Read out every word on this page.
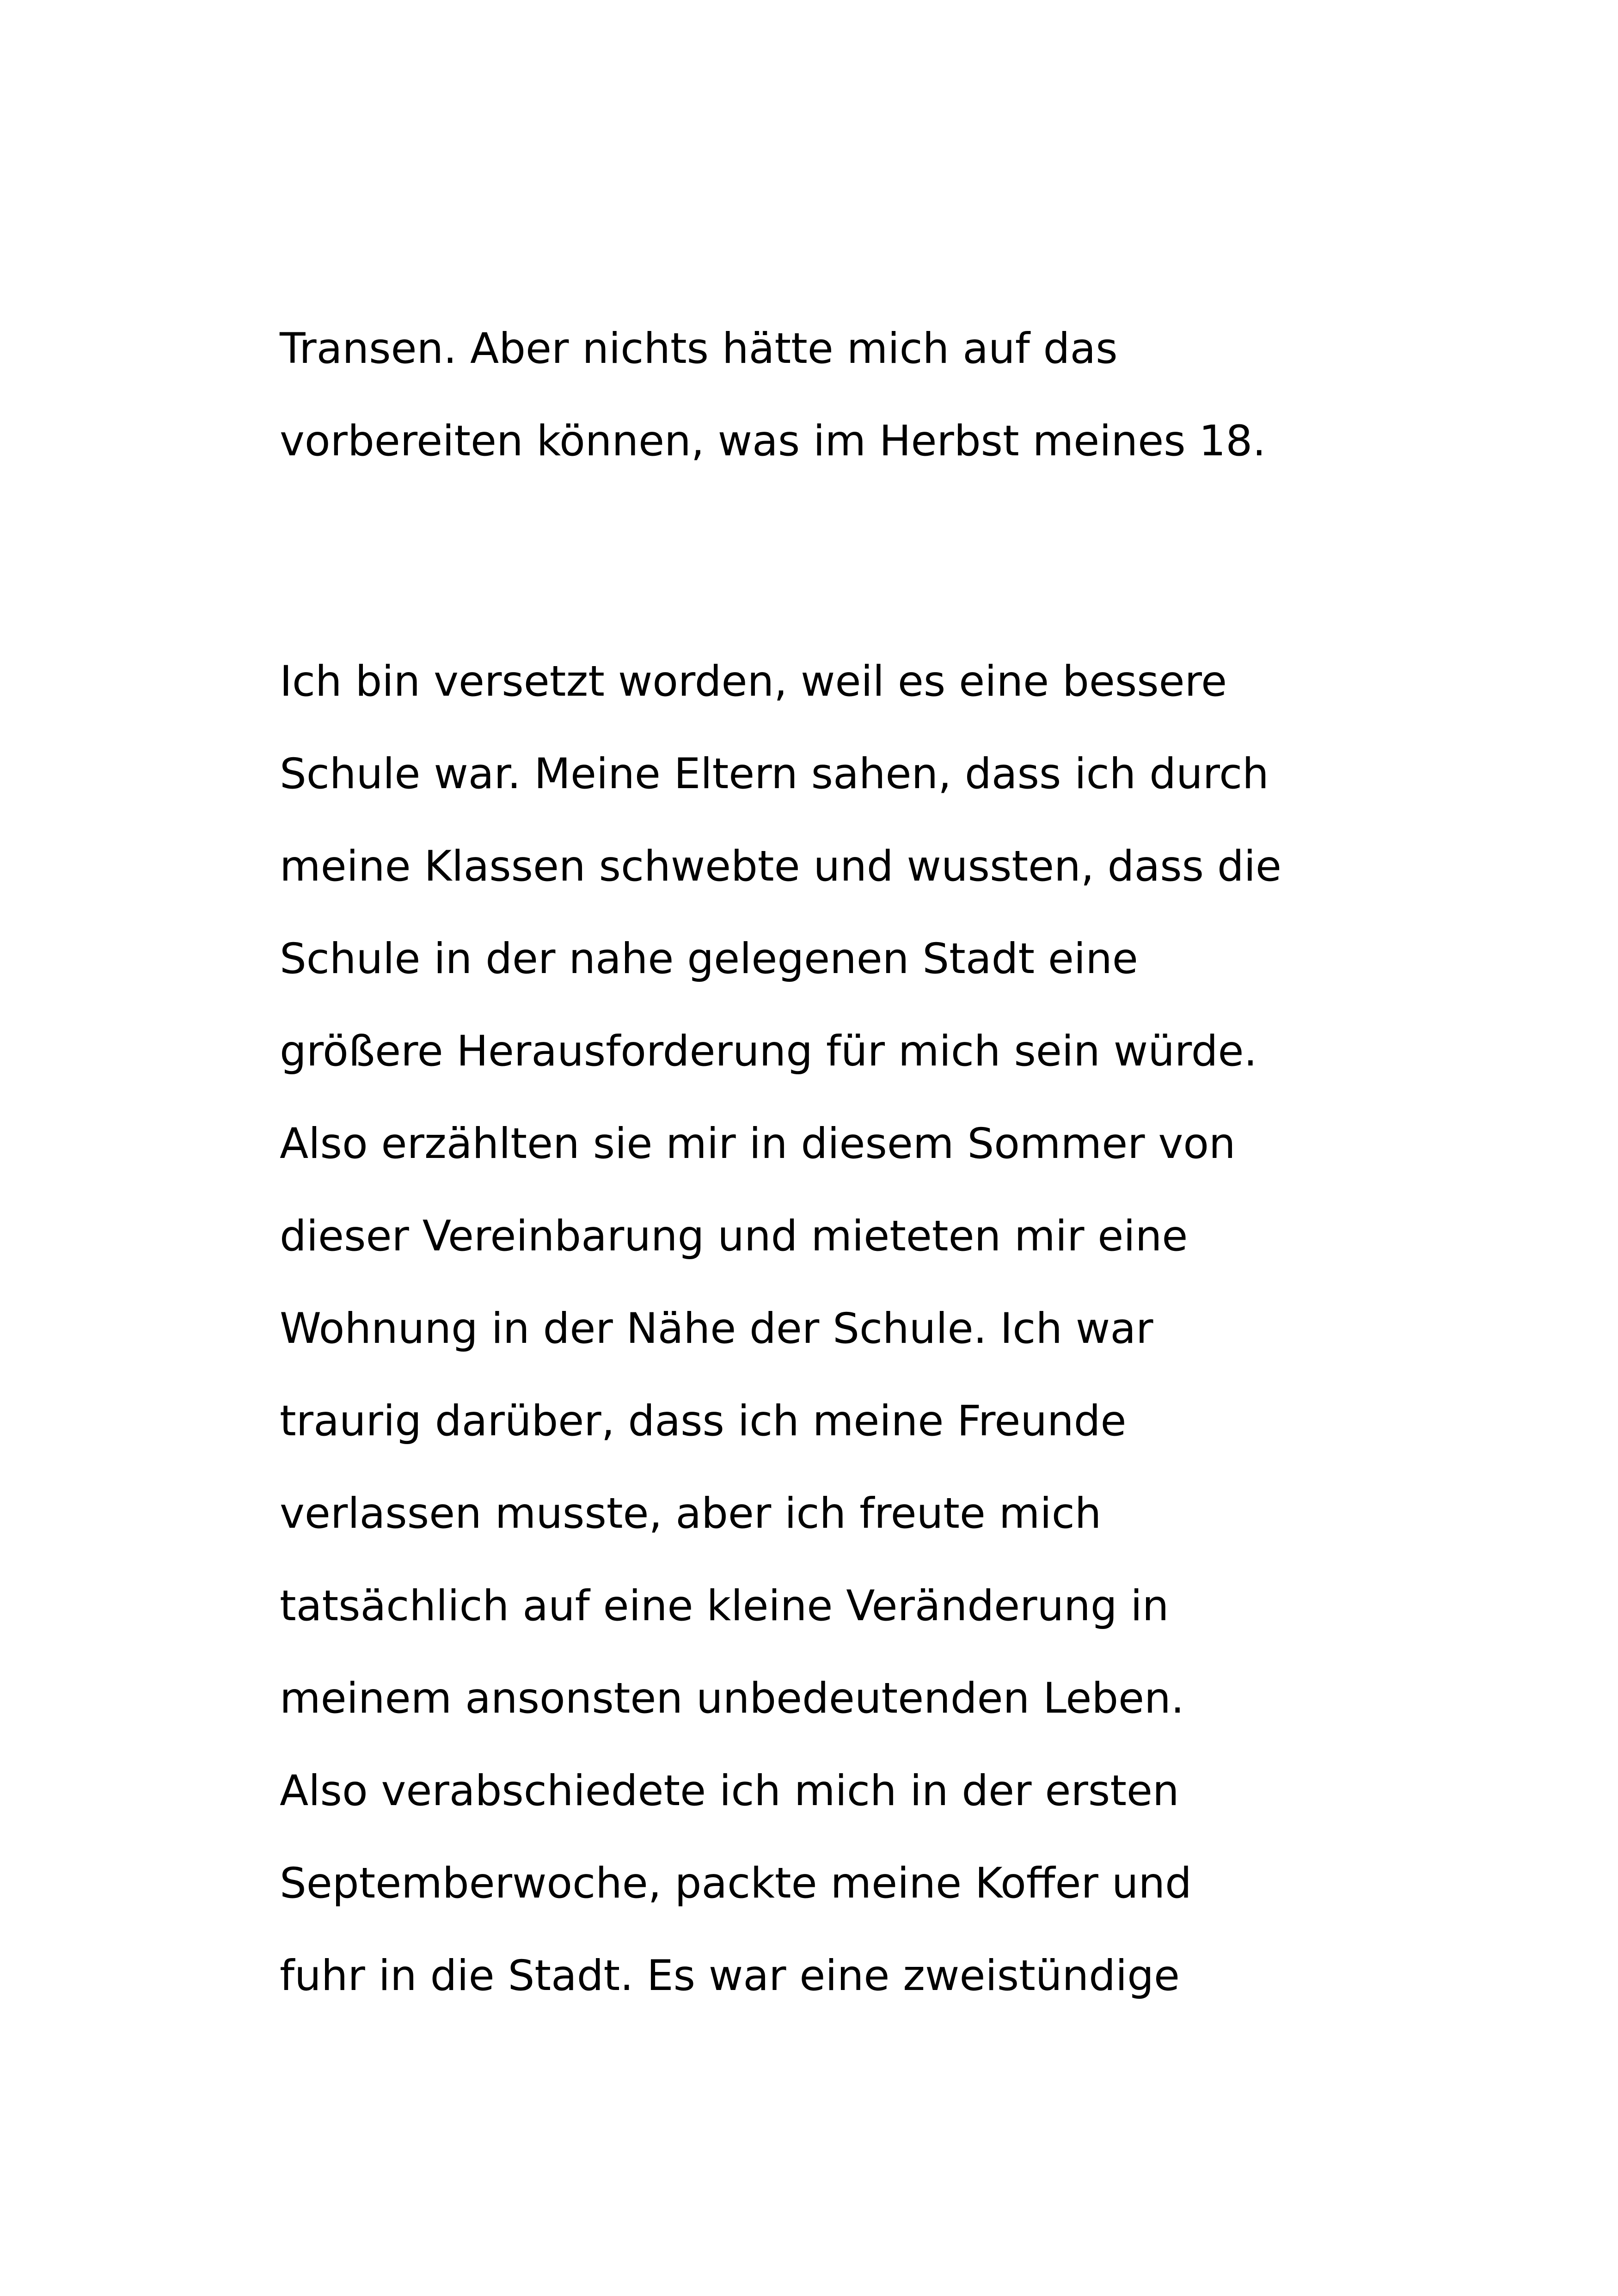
Transen. Aber nichts hätte mich auf das
vorbereiten können, was im Herbst meines 18.

Ich bin versetzt worden, weil es eine bessere
Schule war. Meine Eltern sahen, dass ich durch
meine Klassen schwebte und wussten, dass die
Schule in der nahe gelegenen Stadt eine
größere Herausforderung für mich sein würde.
Also erzählten sie mir in diesem Sommer von
dieser Vereinbarung und mieteten mir eine
Wohnung in der Nähe der Schule. Ich war
traurig darüber, dass ich meine Freunde
verlassen musste, aber ich freute mich
tatsächlich auf eine kleine Veränderung in
meinem ansonsten unbedeutenden Leben.
Also verabschiedete ich mich in der ersten
Septemberwoche, packte meine Koffer und
fuhr in die Stadt. Es war eine zweistündige
